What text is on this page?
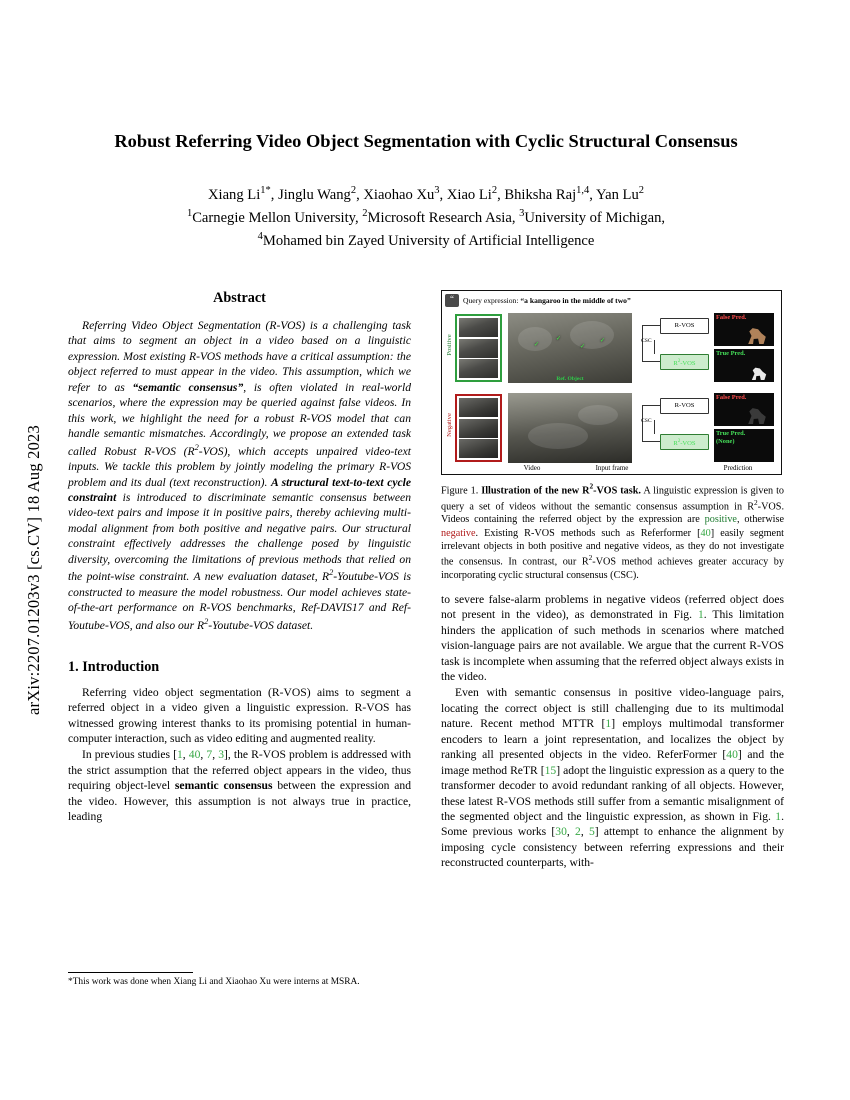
arXiv:2207.01203v3 [cs.CV] 18 Aug 2023
Robust Referring Video Object Segmentation with Cyclic Structural Consensus
Xiang $Li^{1*}$, Jinglu Wang$^2$, Xiaohao Xu$^3$, Xiao Li$^2$, Bhiksha Raj$^{1,4}$, Yan Lu$^2$
$^1$Carnegie Mellon University, $^2$Microsoft Research Asia, $^3$University of Michigan,
$^4$Mohamed bin Zayed University of Artificial Intelligence
Abstract

Referring Video Object Segmentation (R-VOS) is a challenging task that aims to segment an object in a video based on a linguistic expression. Most existing R-VOS methods have a critical assumption: the object referred to must appear in the video. This assumption, which we refer to as “semantic consensus”, is often violated in real-world scenarios, where the expression may be queried against false videos. In this work, we highlight the need for a robust R-VOS model that can handle semantic mismatches. Accordingly, we propose an extended task called Robust R-VOS $(R^2-VOS)$, which accepts unpaired video-text inputs. We tackle this problem by jointly modeling the primary R-VOS problem and its dual (text reconstruction). A structural text-to-text cycle constraint is introduced to discriminate semantic consensus between video-text pairs and impose it in positive pairs, thereby achieving multi-modal alignment from both positive and negative pairs. Our structural constraint effectively addresses the challenge posed by linguistic diversity, overcoming the limitations of previous methods that relied on the point-wise constraint. A new evaluation dataset, $R^2-Youtube$-VOS is constructed to measure the model robustness. Our model achieves state-of-the-art performance on R-VOS benchmarks, Ref-DAVIS17 and Ref-Youtube-VOS, and also our $R^2-Youtube$-VOS dataset.

1. Introduction

Referring video object segmentation (R-VOS) aims to segment a referred object in a video given a linguistic expression. R-VOS has witnessed growing interest thanks to its promising potential in human-computer interaction, such as video editing and augmented reality.

In previous studies [1, 40, 7, 3], the R-VOS problem is addressed with the strict assumption that the referred object appears in the video, thus requiring object-level semantic consensus between the expression and the video. However, this assumption is not always true in practice, leading

“	Query expression: “a kangaroo in the middle of two”
Positive	✓
✓
✓
✓
Ref. Object
CSC
R-VOS
$R^2$-VOS
False Pred.
True Pred.
Negative	CSC
R-VOS
$R^2$-VOS
False Pred.
True Pred.
(None)
Video	Input frame	Prediction
Figure 1. Illustration of the new $R^2$-VOS task. A linguistic expression is given to query a set of videos without the semantic consensus assumption in $R^2$-VOS. Videos containing the referred object by the expression are positive, otherwise negative. Existing R-VOS methods such as Referformer [40] easily segment irrelevant objects in both positive and negative videos, as they do not investigate the consensus. In contrast, our $R^2$-VOS method achieves greater accuracy by incorporating cyclic structural consensus (CSC).

to severe false-alarm problems in negative videos (referred object does not present in the video), as demonstrated in Fig. 1. This limitation hinders the application of such methods in scenarios where matched vision-language pairs are not available. We argue that the current R-VOS task is incomplete when assuming that the referred object always exists in the video.

Even with semantic consensus in positive video-language pairs, locating the correct object is still challenging due to its multimodal nature. Recent method MTTR [1] employs multimodal transformer encoders to learn a joint representation, and localizes the object by ranking all presented objects in the video. ReferFormer [40] and the image method ReTR [15] adopt the linguistic expression as a query to the transformer decoder to avoid redundant ranking of all objects. However, these latest R-VOS methods still suffer from a semantic misalignment of the segmented object and the linguistic expression, as shown in Fig. 1. Some previous works [30, 2, 5] attempt to enhance the alignment by imposing cycle consistency between referring expressions and their reconstructed counterparts, with-

*This work was done when Xiang Li and Xiaohao Xu were interns at MSRA.
